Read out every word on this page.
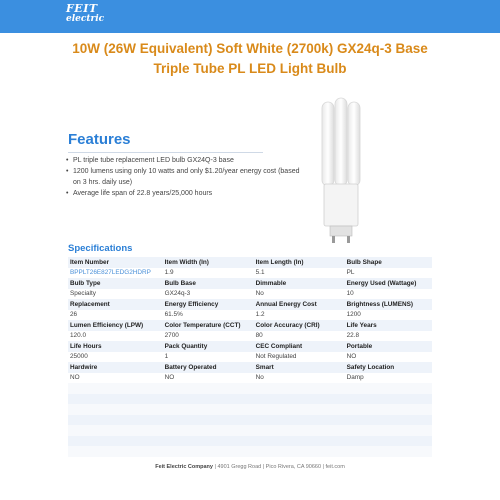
FEIT
electric
10W (26W Equivalent) Soft White (2700k) GX24q-3 Base
Triple Tube PL LED Light Bulb
Features
• PL triple tube replacement LED bulb GX24Q-3 base
• 1200 lumens using only 10 watts and only $1.20/year energy cost (based on 3 hrs. daily use)
• Average life span of 22.8 years/25,000 hours
Specifications
Item Number	Item Width (In)	Item Length (In)	Bulb Shape
BPPLT26E827LEDG2HDRP	1.9	5.1	PL
Bulb Type	Bulb Base	Dimmable	Energy Used (Wattage)
Specialty	GX24q-3	No	10
Replacement	Energy Efficiency	Annual Energy Cost	Brightness (LUMENS)
26	61.5%	1.2	1200
Lumen Efficiency (LPW)	Color Temperature (CCT)	Color Accuracy (CRI)	Life Years
120.0	2700	80	22.8
Life Hours	Pack Quantity	CEC Compliant	Portable
25000	1	Not Regulated	NO
Hardwire	Battery Operated	Smart	Safety Location
NO	NO	No	Damp

Feit Electric Company | 4901 Gregg Road | Pico Rivera, CA 90660 | feit.com
